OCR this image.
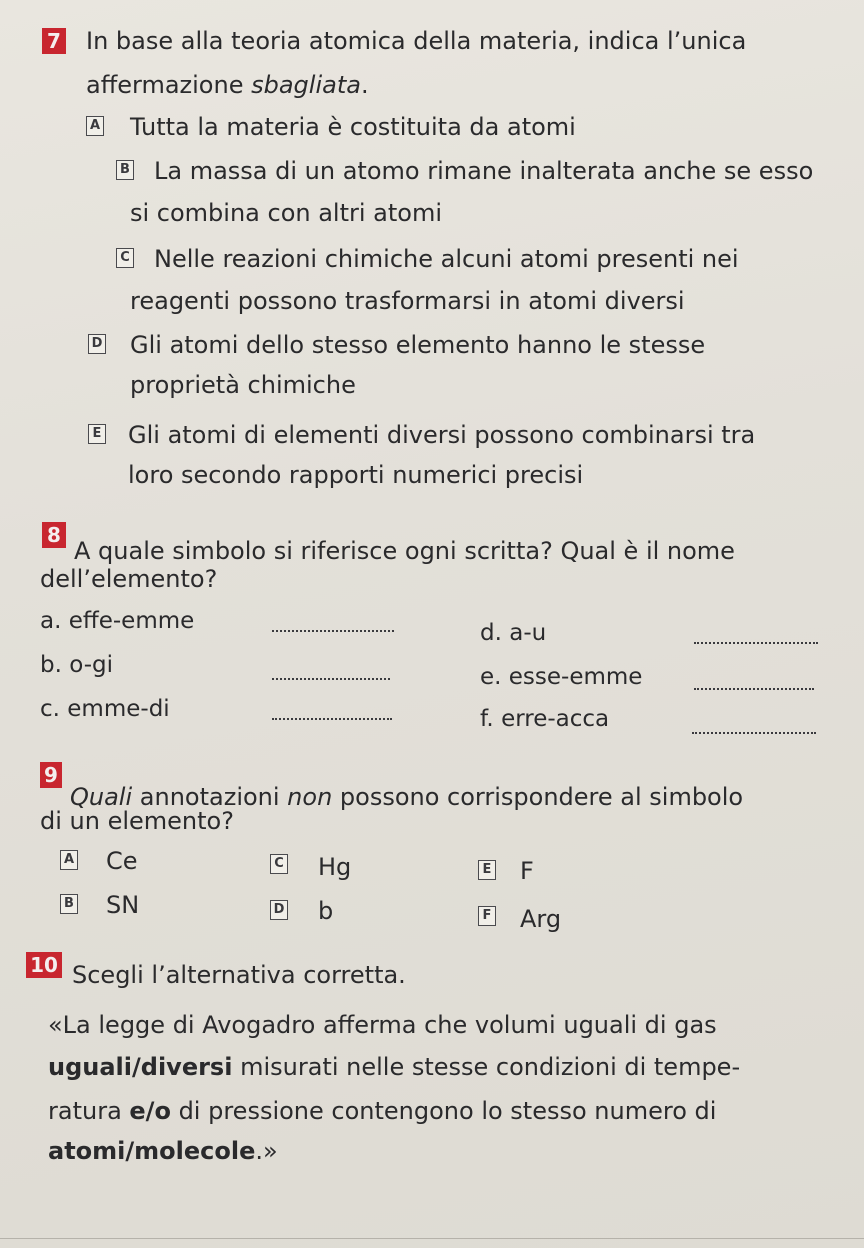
7 In base alla teoria atomica della materia, indica l’unica
affermazione sbagliata.
A Tutta la materia è costituita da atomi
B La massa di un atomo rimane inalterata anche se esso
si combina con altri atomi
C Nelle reazioni chimiche alcuni atomi presenti nei
reagenti possono trasformarsi in atomi diversi
D Gli atomi dello stesso elemento hanno le stesse
proprietà chimiche
E Gli atomi di elementi diversi possono combinarsi tra
loro secondo rapporti numerici precisi
8
A quale simbolo si riferisce ogni scritta? Qual è il nome
dell’elemento?
a. effe-emme
b. o-gi
c. emme-di
d. a-u
e. esse-emme
f. erre-acca
9
Quali annotazioni non possono corrispondere al simbolo
di un elemento?
A Ce
B SN
C Hg
D b
E F
F Arg
10 Scegli l’alternativa corretta.
«La legge di Avogadro afferma che volumi uguali di gas
uguali/diversi misurati nelle stesse condizioni di tempe-
ratura e/o di pressione contengono lo stesso numero di
atomi/molecole.»
